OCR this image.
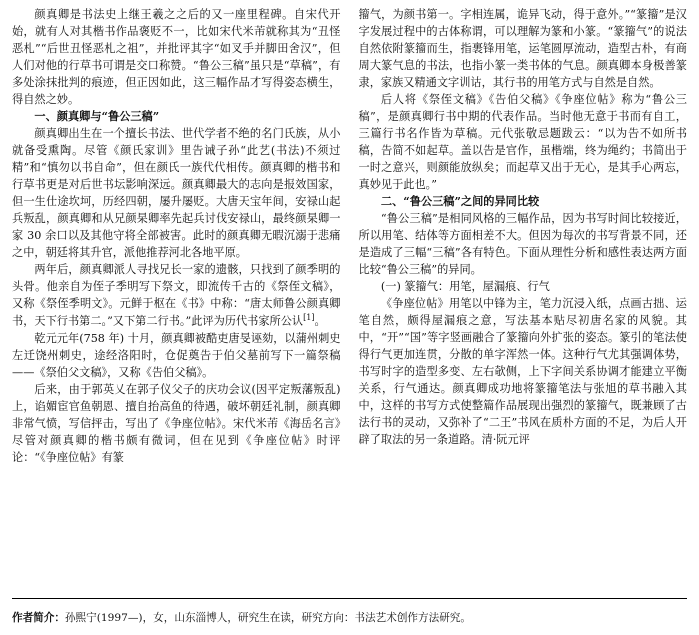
颜真卿是书法史上继王羲之之后的又一座里程碑。自宋代开始，就有人对其楷书作品褒贬不一，比如宋代米芾就称其为“丑怪恶札”“后世丑怪恶札之祖”，并批评其字“如叉手并脚田舍汉”，但人们对他的行草书可谓是交口称赞。“鲁公三稿”虽只是“草稿”，有多处涂抹批判的痕迹，但正因如此，这三幅作品才写得姿态横生，得自然之妙。

一、颜真卿与“鲁公三稿”

颜真卿出生在一个擅长书法、世代学者不绝的名门氏族，从小就备受熏陶。尽管《颜氏家训》里告诫子孙“此艺(书法)不须过精”和“慎勿以书自命”，但在颜氏一族代代相传。颜真卿的楷书和行草书更是对后世书坛影响深远。颜真卿最大的志向是报效国家，但一生仕途坎坷，历经四朝，屡升屡贬。大唐天宝年间，安禄山起兵叛乱，颜真卿和从兄颜杲卿率先起兵讨伐安禄山，最终颜杲卿一家 30 余口以及其他守将全部被害。此时的颜真卿无暇沉溺于悲痛之中，朝廷将其升官，派他推荐河北各地平原。

两年后，颜真卿派人寻找兄长一家的遗骸，只找到了颜季明的头骨。他亲自为侄子季明写下祭文，即流传千古的《祭侄文稿》，又称《祭侄季明文》。元鲜于枢在《书》中称：“唐太师鲁公颜真卿书，天下行书第二。”又下第二行书。”此评为历代书家所公认[1]。

乾元元年(758 年) 十月，颜真卿被酷吏唐旻诬劾，以蒲州刺史左迁饶州刺史，途经洛阳时，仓促奠告于伯父墓前写下一篇祭稿——《祭伯父文稿》，又称《告伯父稿》。

后来，由于郭英乂在郭子仪父子的庆功会议(因平定叛藩叛乱)上，谄媚宦官鱼朝恩、擅自抬高鱼的待遇，破坏朝廷礼制，颜真卿非常气愤，写信抨击，写出了《争座位帖》。宋代米芾《海岳名言》尽管对颜真卿的楷书颇有微词，但在见到《争座位帖》时评论：“《争座位帖》有篆

籀气，为颜书第一。字相连属，诡异飞动，得于意外。”“篆籀”是汉字发展过程中的古体称谓，可以理解为篆和小篆。“篆籀气”的说法自然依附篆籀而生，指裹锋用笔，运笔圆厚流动，造型古朴，有商周大篆气息的书法，也指小篆一类书体的气息。颜真卿本身极善篆隶，家族又精通文字训诂，其行书的用笔方式与自然是自然。

后人将《祭侄文稿》《告伯父稿》《争座位帖》称为“鲁公三稿”，是颜真卿行书中期的代表作品。当时他无意于书而有自工，三篇行书名作皆为草稿。元代张敬忌题跋云：“以为告不如所书稿，告简不如起草。盖以告是官作，虽楷端，终为绳约；书简出于一时之意兴，则颜能放纵矣；而起草又出于无心，是其手心两忘，真妙见于此也。”

二、“鲁公三稿”之间的异同比较

“鲁公三稿”是相同风格的三幅作品，因为书写时间比较接近，所以用笔、结体等方面相差不大。但因为每次的书写背景不同，还是造成了三幅“三稿”各有特色。下面从理性分析和感性表达两方面比较“鲁公三稿”的异同。

(一) 篆籀气：用笔，屋漏痕、行气

《争座位帖》用笔以中锋为主，笔力沉浸入纸，点画古拙、运笔自然，颇得屋漏痕之意，写法基本贴尽初唐名家的风貌。其中，“开”“国”等字竖画融合了篆籀向外扩张的姿态。篆引的笔法使得行气更加连贯，分散的单字浑然一体。这种行气尤其强调体势，书写时字的造型多变、左右欹侧，上下字间关系协调才能建立平衡关系，行气通达。颜真卿成功地将篆籀笔法与张旭的草书融入其中，这样的书写方式使整篇作品展现出强烈的篆籀气，既兼顾了古法行书的灵动，又弥补了“二王”书风在质朴方面的不足，为后人开辟了取法的另一条道路。清·阮元评

作者简介：孙熙宁(1997—)，女，山东淄博人，研究生在读，研究方向：书法艺术创作方法研究。
